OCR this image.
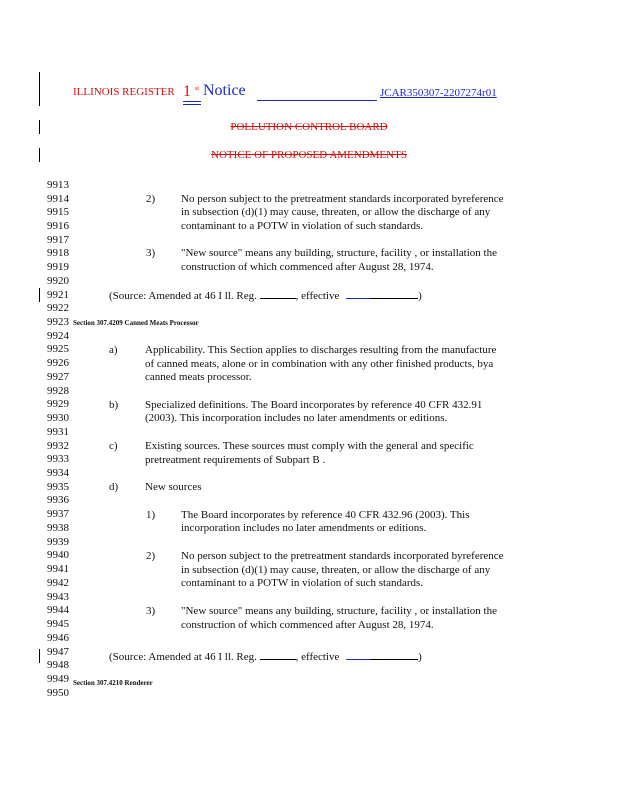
ILLINOIS REGISTER 1 st Notice	JCAR350307-2207274r01
POLLUTION CONTROL BOARD
NOTICE OF PROPOSED AMENDMENTS
9913
9914
9915
9916
9917
9918
9919
9920
9921
9922
9923
9924
9925
9926
9927
9928
9929
9930
9931
9932
9933
9934
9935
9936
9937
9938
9939
9940
9941
9942
9943
9944
9945
9946
9947
9948
9949
9950
2) No person subject to the pretreatment standards incorporated byreference
in subsection (d)(1) may cause, threaten, or allow the discharge of any
contaminant to a POTW in violation of such standards.
3) "New source" means any building, structure, facility , or installation the
construction of which commenced after August 28, 1974.
(Source: Amended at 46 I ll. Reg.	, effective	)
Section 307.4209 Canned Meats Processor
a) Applicability. This Section applies to discharges resulting from the manufacture
of canned meats, alone or in combination with any other finished products, bya
canned meats processor.
b) Specialized definitions. The Board incorporates by reference 40 CFR 432.91
(2003). This incorporation includes no later amendments or editions.
c) Existing sources. These sources must comply with the general and specific
pretreatment requirements of Subpart B .
d) New sources
1) The Board incorporates by reference 40 CFR 432.96 (2003). This
incorporation includes no later amendments or editions.
2) No person subject to the pretreatment standards incorporated byreference
in subsection (d)(1) may cause, threaten, or allow the discharge of any
contaminant to a POTW in violation of such standards.
3) "New source" means any building, structure, facility , or installation the
construction of which commenced after August 28, 1974.
(Source: Amended at 46 I ll. Reg.	, effective	)
Section 307.4210 Renderer
